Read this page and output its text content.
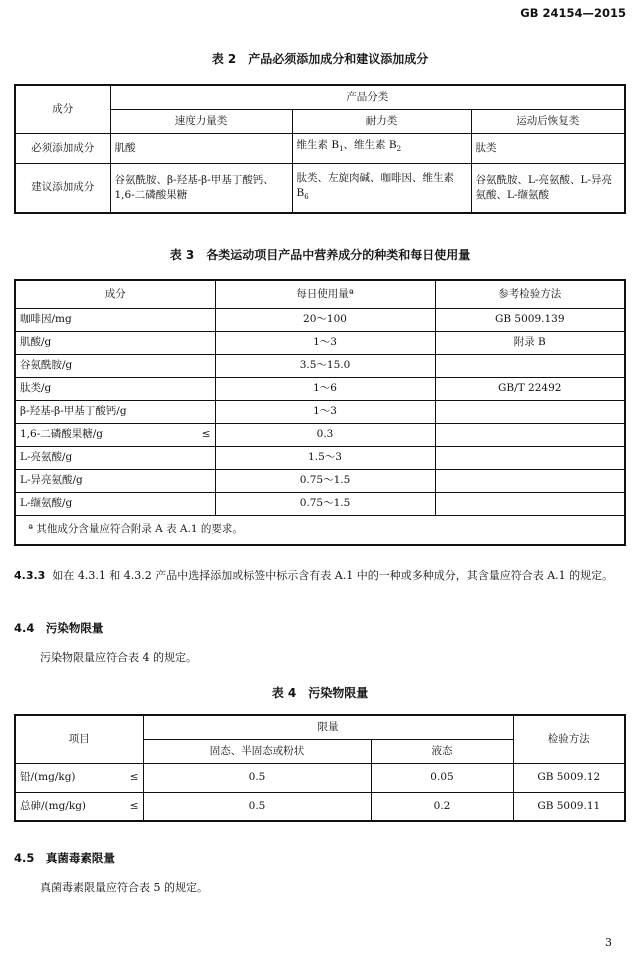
GB 24154—2015
表 2　产品必须添加成分和建议添加成分
成分	产品分类		
	速度力量类	耐力类	运动后恢复类
必须添加成分	肌酸	维生素 $B_1$、维生素 $B_2$	肽类
建议添加成分	谷氨酰胺、β-羟基-β-甲基丁酸钙、1,6-二磷酸果糖	肽类、左旋肉碱、咖啡因、维生素 $B_6$	谷氨酰胺、L-亮氨酸、L-异亮氨酸、L-缬氨酸
表 3　各类运动项目产品中营养成分的种类和每日使用量
成分	每日使用量ª	参考检验方法
咖啡因/mg	20～100	GB 5009.139
肌酸/g	1～3	附录 B
谷氨酰胺/g	3.5～15.0	
肽类/g	1～6	GB/T 22492
β-羟基-β-甲基丁酸钙/g	1～3	
1,6-二磷酸果糖/g ≤	0.3	
L-亮氨酸/g	1.5～3	
L-异亮氨酸/g	0.75～1.5	
L-缬氨酸/g	0.75～1.5	
ª 其他成分含量应符合附录 A 表 A.1 的要求。		
4.3.3 如在 4.3.1 和 4.3.2 产品中选择添加或标签中标示含有表 A.1 中的一种或多种成分，其含量应符合表 A.1 的规定。
4.4　污染物限量
污染物限量应符合表 4 的规定。
表 4　污染物限量
项目	限量		检验方法
	固态、半固态或粉状	液态	
铅/(mg/kg) ≤	0.5	0.05	GB 5009.12
总砷/(mg/kg) ≤	0.5	0.2	GB 5009.11
4.5　真菌毒素限量
真菌毒素限量应符合表 5 的规定。
3
